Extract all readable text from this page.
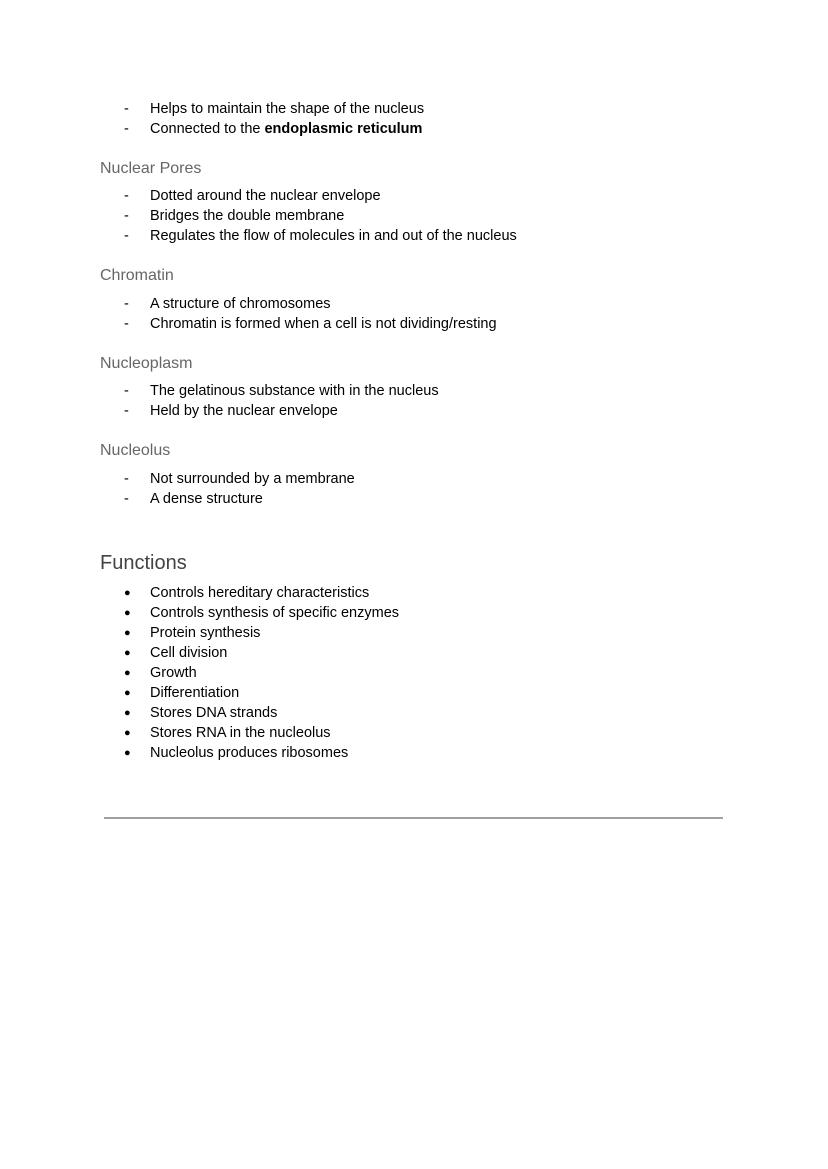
-	Helps to maintain the shape of the nucleus
-	Connected to the endoplasmic reticulum
Nuclear Pores
-	Dotted around the nuclear envelope
-	Bridges the double membrane
-	Regulates the flow of molecules in and out of the nucleus
Chromatin
-	A structure of chromosomes
-	Chromatin is formed when a cell is not dividing/resting
Nucleoplasm
-	The gelatinous substance with in the nucleus
-	Held by the nuclear envelope
Nucleolus
-	Not surrounded by a membrane
-	A dense structure
Functions
●	Controls hereditary characteristics
●	Controls synthesis of specific enzymes
●	Protein synthesis
●	Cell division
●	Growth
●	Differentiation
●	Stores DNA strands
●	Stores RNA in the nucleolus
●	Nucleolus produces ribosomes
